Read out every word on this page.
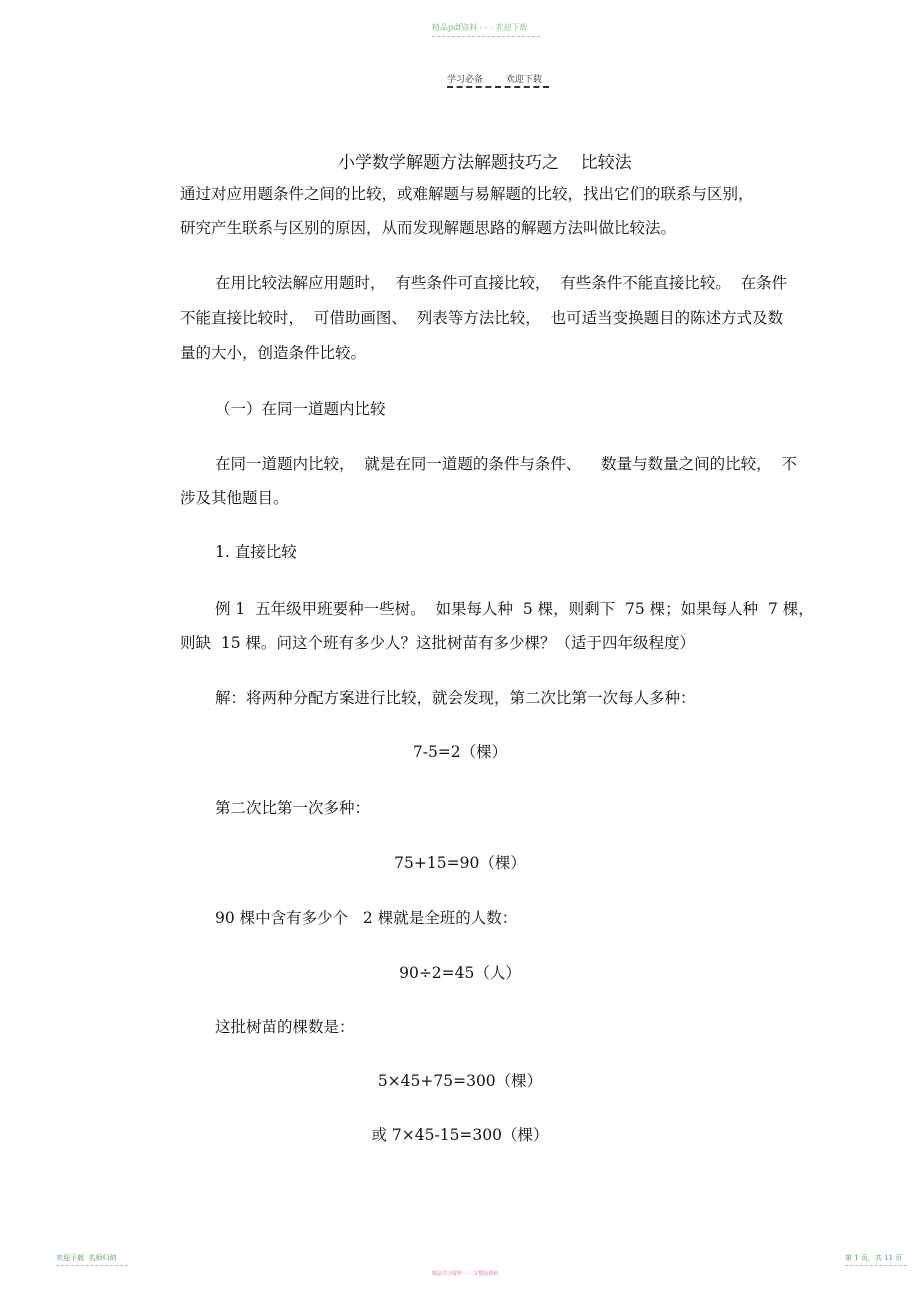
精品pdf资料 - - - 欢迎下载
学习必备        欢迎下载
小学数学解题方法解题技巧之    比较法
通过对应用题条件之间的比较，或难解题与易解题的比较，找出它们的联系与区别，
研究产生联系与区别的原因，从而发现解题思路的解题方法叫做比较法。
在用比较法解应用题时，  有些条件可直接比较，  有些条件不能直接比较。  在条件
不能直接比较时，  可借助画图、  列表等方法比较，  也可适当变换题目的陈述方式及数
量的大小，创造条件比较。
（一）在同一道题内比较
在同一道题内比较，  就是在同一道题的条件与条件、    数量与数量之间的比较，  不
涉及其他题目。
1. 直接比较
例 1  五年级甲班要种一些树。  如果每人种  5 棵，则剩下  75 棵；如果每人种  7 棵，
则缺  15 棵。问这个班有多少人？这批树苗有多少棵？（适于四年级程度）
解：将两种分配方案进行比较，就会发现，第二次比第一次每人多种：
7-5=2（棵）
第二次比第一次多种：
75+15=90（棵）
90 棵中含有多少个   2 棵就是全班的人数：
90÷2=45（人）
这批树苗的棵数是：
5×45+75=300（棵）
或 7×45-15=300（棵）
欢迎下载  名师归纳	第 1 页，共 11 页
精品学习资料 - - - 完整版资料
